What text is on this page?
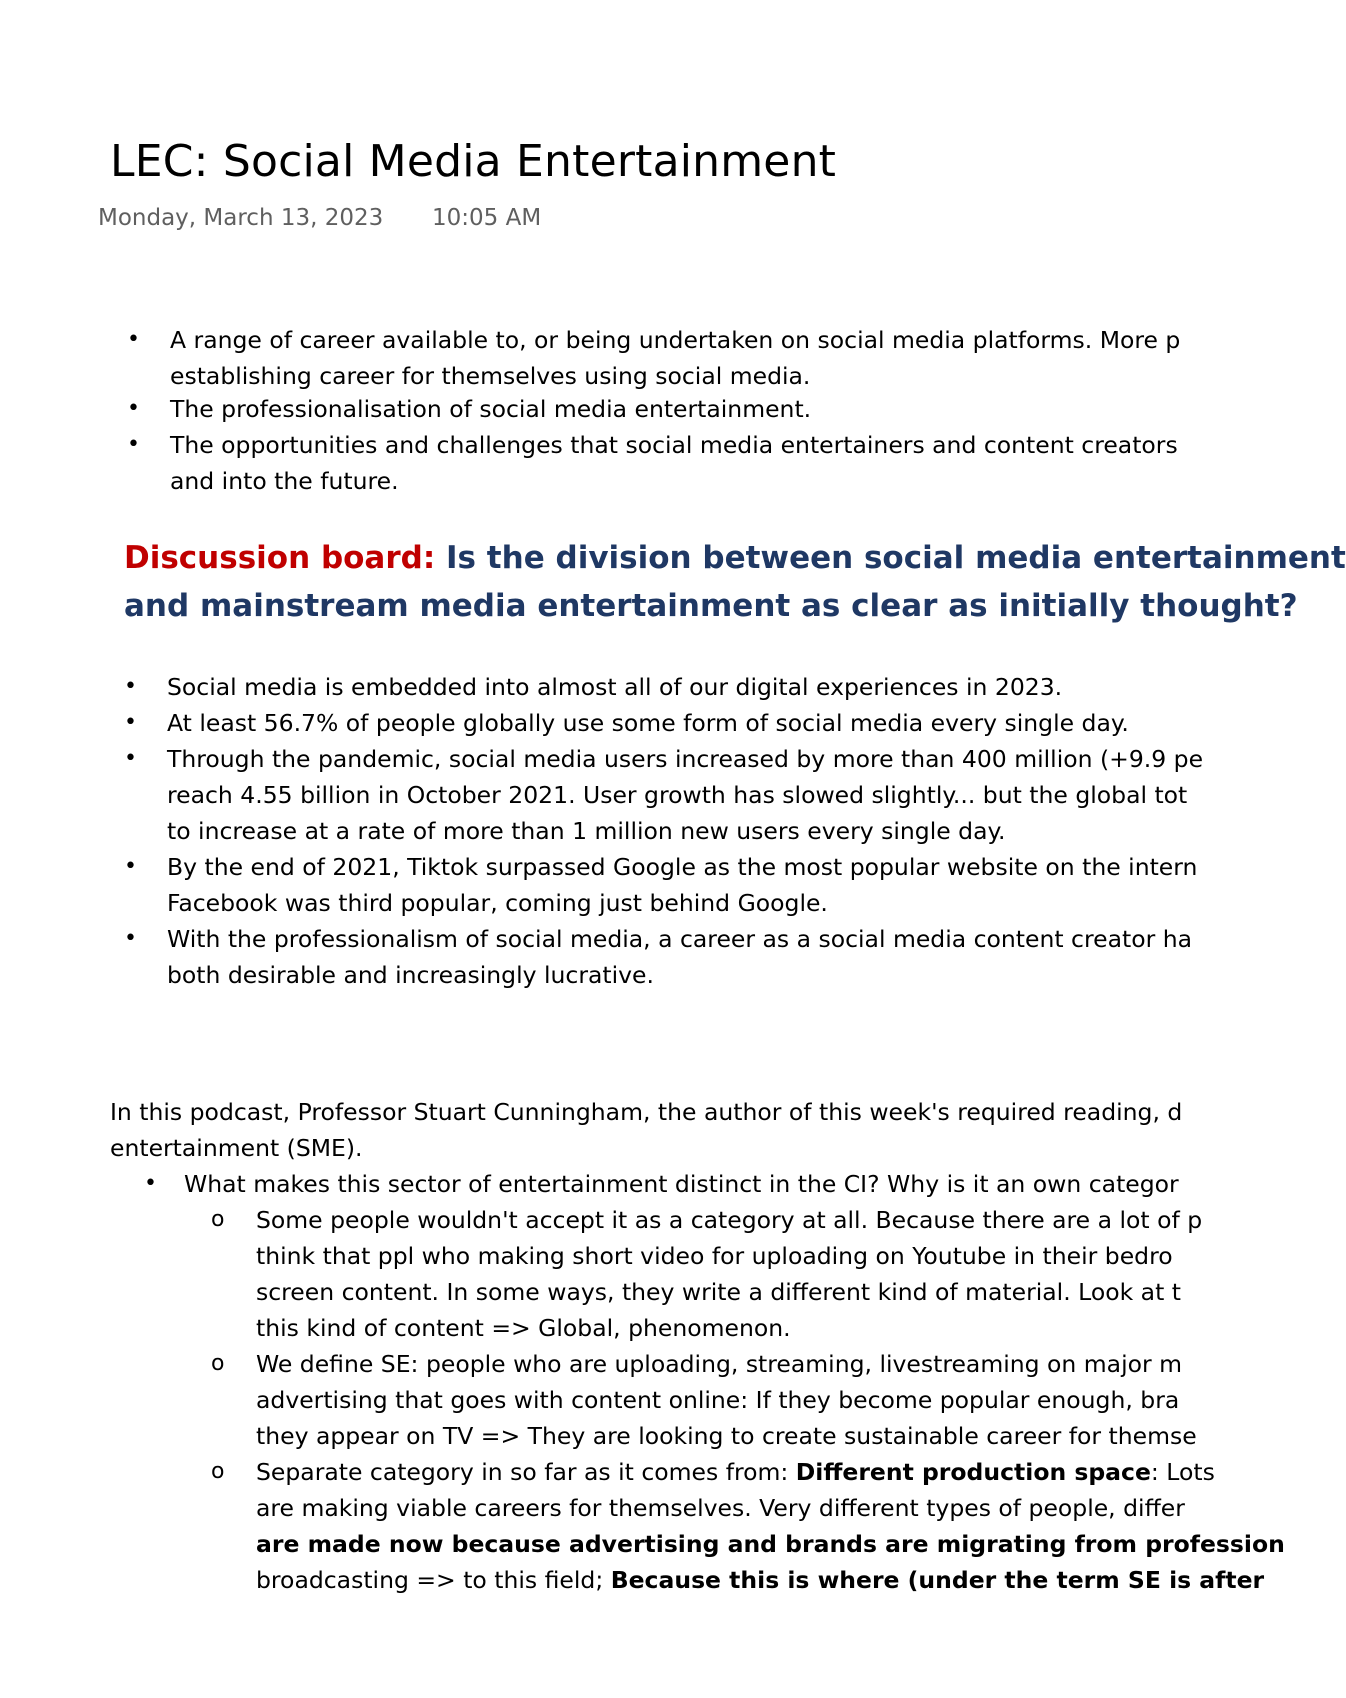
LEC: Social Media Entertainment
Monday, March 13, 2023 10:05 AM
• A range of career available to, or being undertaken on social media platforms. More p
establishing career for themselves using social media.
• The professionalisation of social media entertainment.
• The opportunities and challenges that social media entertainers and content creators
and into the future.
Discussion board: Is the division between social media entertainment
and mainstream media entertainment as clear as initially thought?
• Social media is embedded into almost all of our digital experiences in 2023.
• At least 56.7% of people globally use some form of social media every single day.
• Through the pandemic, social media users increased by more than 400 million (+9.9 pe
reach 4.55 billion in October 2021. User growth has slowed slightly... but the global tot
to increase at a rate of more than 1 million new users every single day.
• By the end of 2021, Tiktok surpassed Google as the most popular website on the intern
Facebook was third popular, coming just behind Google.
• With the professionalism of social media, a career as a social media content creator ha
both desirable and increasingly lucrative.
In this podcast, Professor Stuart Cunningham, the author of this week's required reading, d
entertainment (SME).
• What makes this sector of entertainment distinct in the CI? Why is it an own categor
o Some people wouldn't accept it as a category at all. Because there are a lot of p
think that ppl who making short video for uploading on Youtube in their bedro
screen content. In some ways, they write a different kind of material. Look at t
this kind of content => Global, phenomenon.
o We define SE: people who are uploading, streaming, livestreaming on major m
advertising that goes with content online: If they become popular enough, bra
they appear on TV => They are looking to create sustainable career for themse
o Separate category in so far as it comes from: Different production space: Lots
are making viable careers for themselves. Very different types of people, differ
are made now because advertising and brands are migrating from profession
broadcasting => to this field; Because this is where (under the term SE is after
